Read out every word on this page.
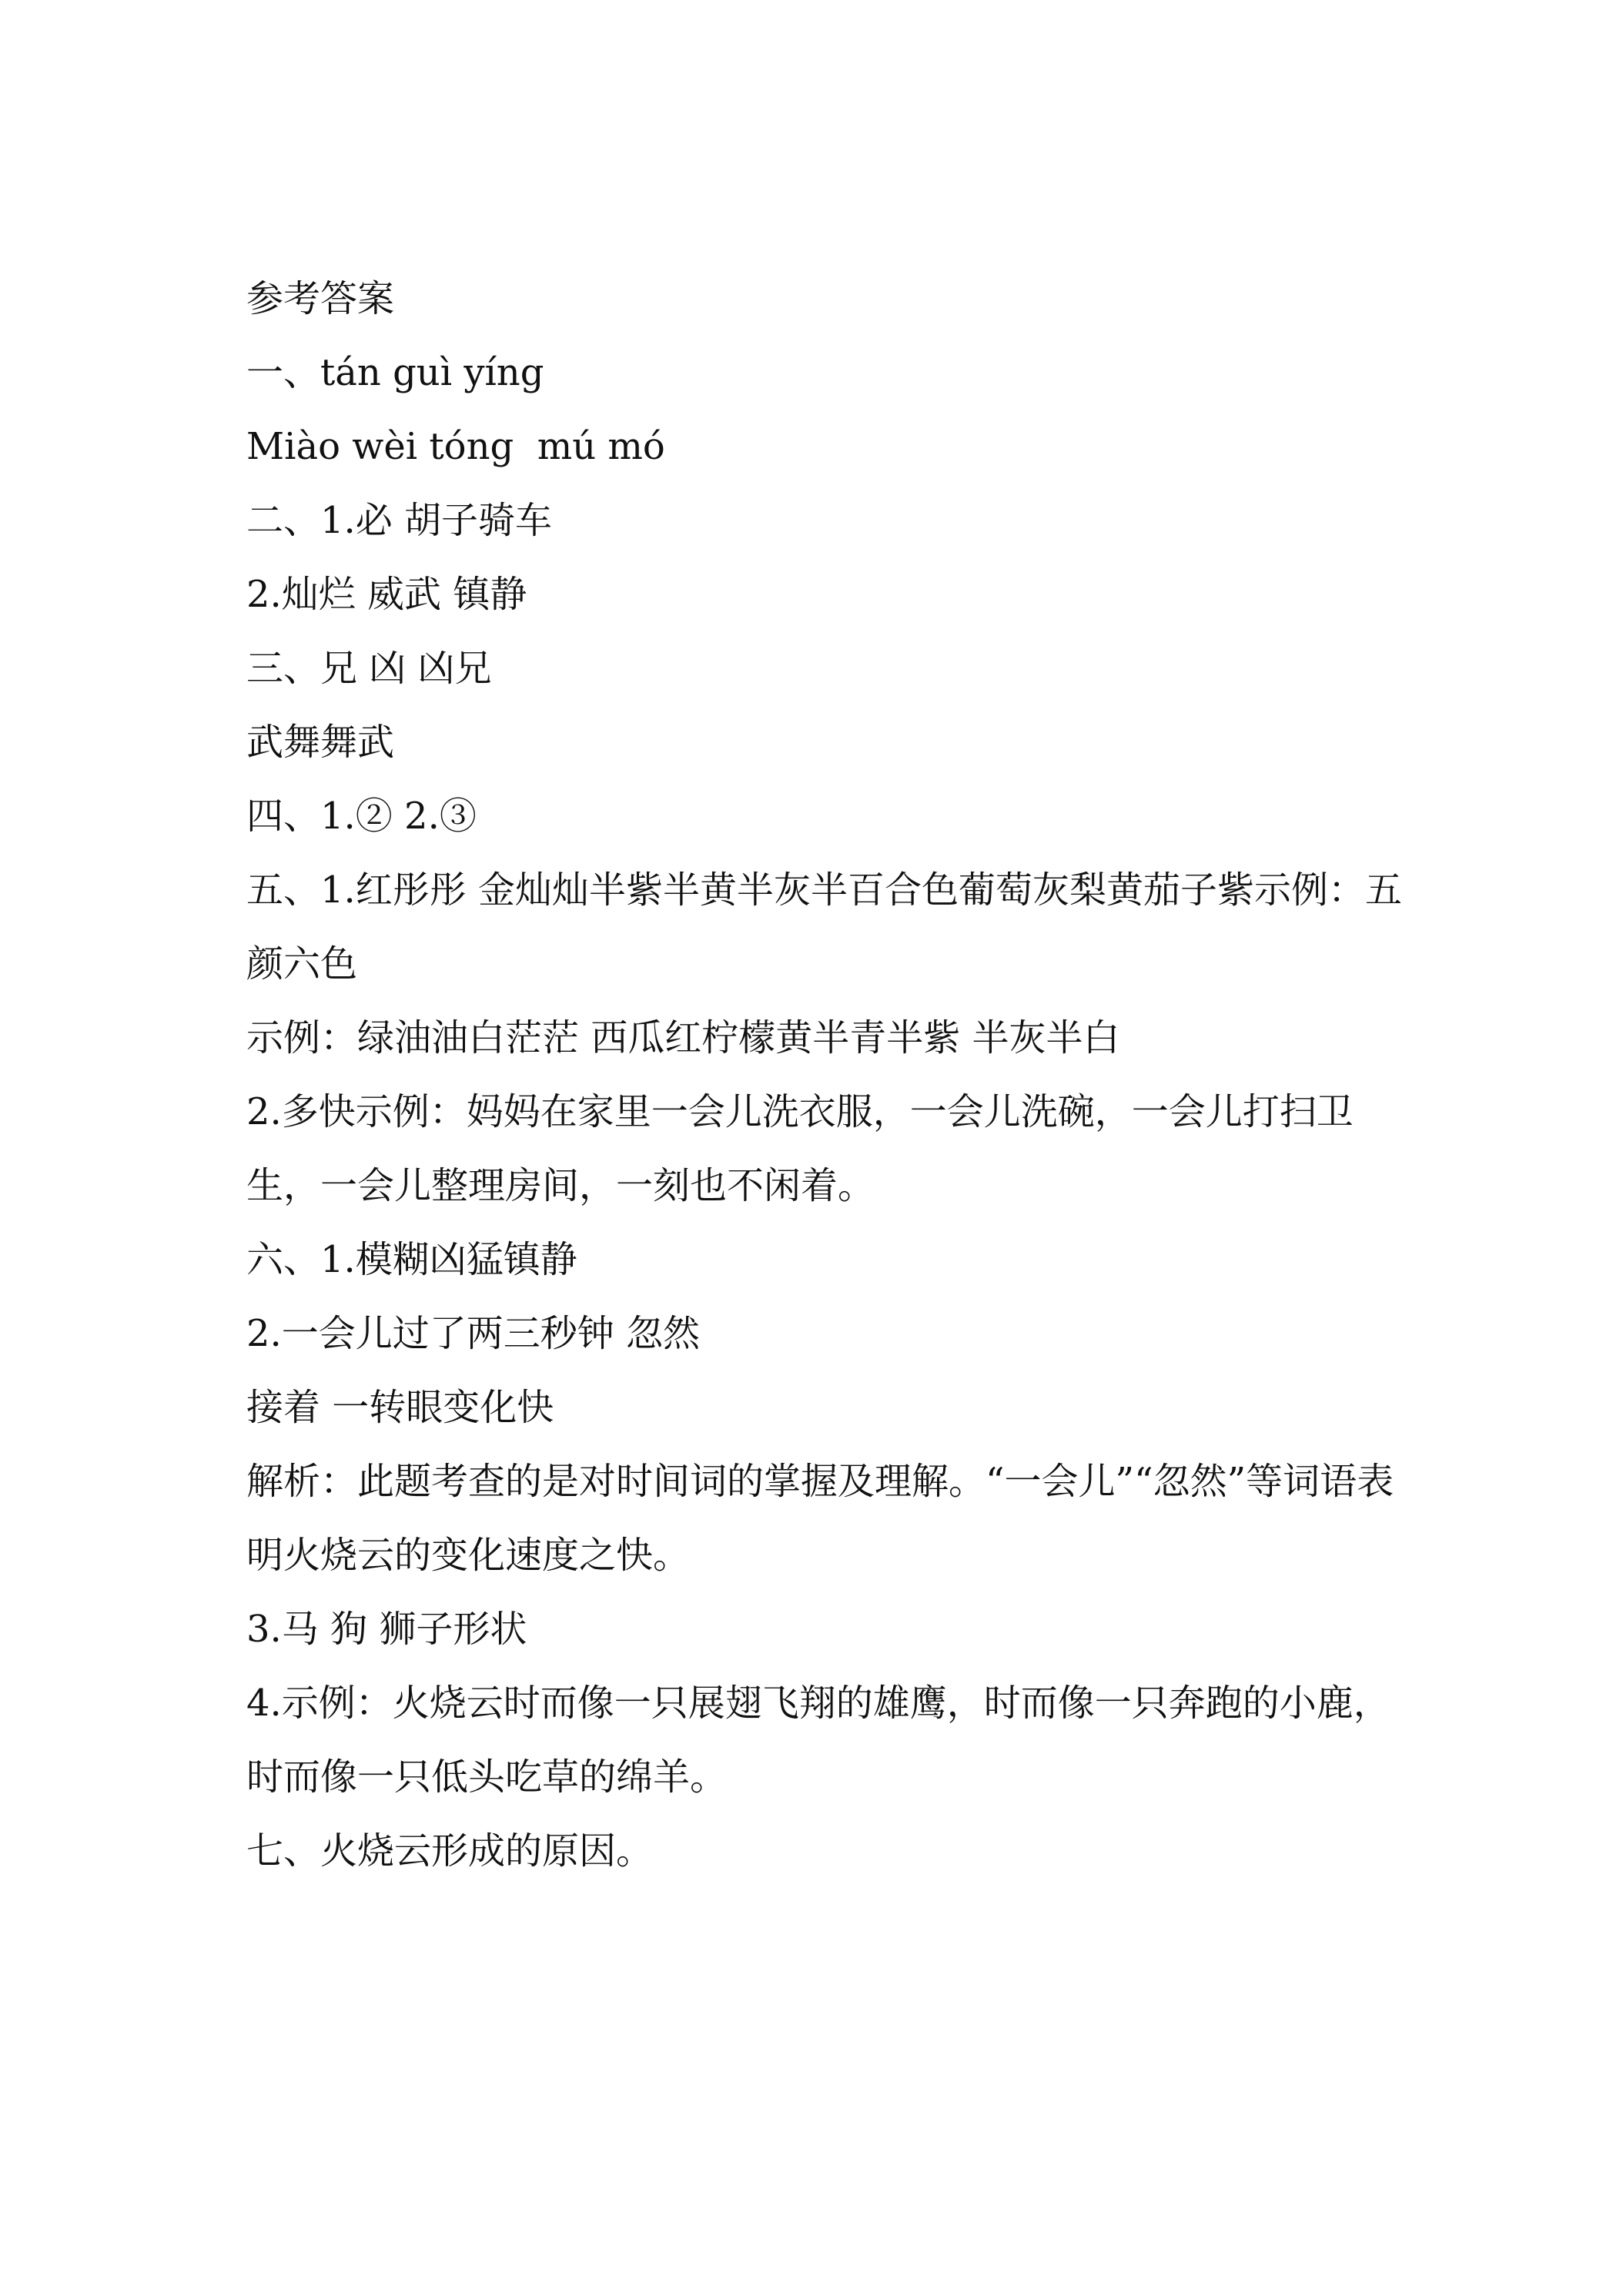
参考答案
一、tán guì yíng
Miào wèi tóng  mú mó
二、1.必 胡子骑车
2.灿烂 威武 镇静
三、兄 凶 凶兄
武舞舞武
四、1.② 2.③
五、1.红彤彤 金灿灿半紫半黄半灰半百合色葡萄灰梨黄茄子紫示例：五颜六色
示例：绿油油白茫茫 西瓜红柠檬黄半青半紫 半灰半白
2.多快示例：妈妈在家里一会儿洗衣服，一会儿洗碗，一会儿打扫卫生，一会儿整理房间，一刻也不闲着。
六、1.模糊凶猛镇静
2.一会儿过了两三秒钟 忽然
接着 一转眼变化快
解析：此题考查的是对时间词的掌握及理解。“一会儿”“忽然”等词语表明火烧云的变化速度之快。
3.马 狗 狮子形状
4.示例：火烧云时而像一只展翅飞翔的雄鹰，时而像一只奔跑的小鹿，时而像一只低头吃草的绵羊。
七、火烧云形成的原因。
